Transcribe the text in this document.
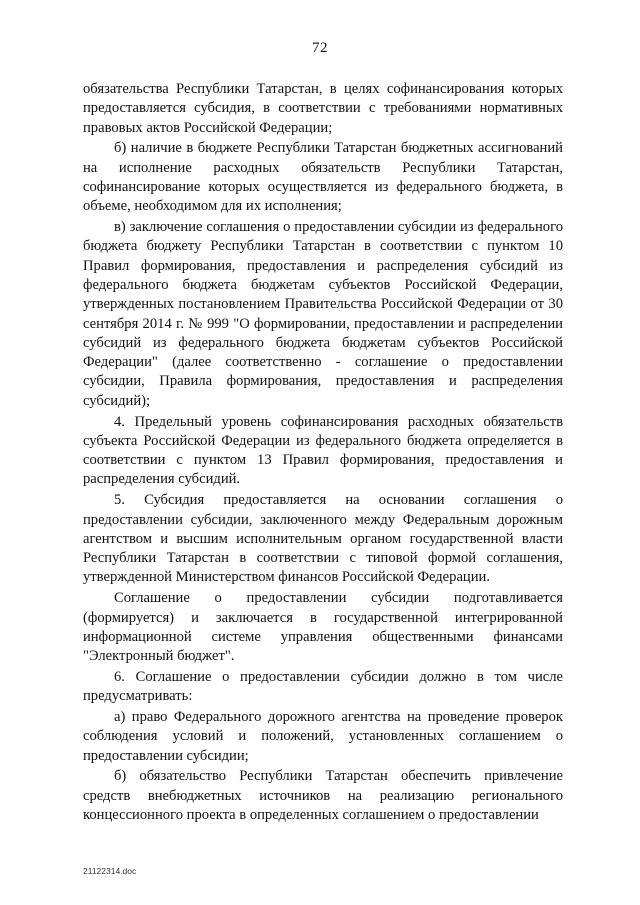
72

обязательства Республики Татарстан, в целях софинансирования которых предоставляется субсидия, в соответствии с требованиями нормативных правовых актов Российской Федерации;

б) наличие в бюджете Республики Татарстан бюджетных ассигнований на исполнение расходных обязательств Республики Татарстан, софинансирование которых осуществляется из федерального бюджета, в объеме, необходимом для их исполнения;

в) заключение соглашения о предоставлении субсидии из федерального бюджета бюджету Республики Татарстан в соответствии с пунктом 10 Правил формирования, предоставления и распределения субсидий из федерального бюджета бюджетам субъектов Российской Федерации, утвержденных постановлением Правительства Российской Федерации от 30 сентября 2014 г. № 999 "О формировании, предоставлении и распределении субсидий из федерального бюджета бюджетам субъектов Российской Федерации" (далее соответственно - соглашение о предоставлении субсидии, Правила формирования, предоставления и распределения субсидий);

4. Предельный уровень софинансирования расходных обязательств субъекта Российской Федерации из федерального бюджета определяется в соответствии с пунктом 13 Правил формирования, предоставления и распределения субсидий.

5. Субсидия предоставляется на основании соглашения о предоставлении субсидии, заключенного между Федеральным дорожным агентством и высшим исполнительным органом государственной власти Республики Татарстан в соответствии с типовой формой соглашения, утвержденной Министерством финансов Российской Федерации.

Соглашение о предоставлении субсидии подготавливается (формируется) и заключается в государственной интегрированной информационной системе управления общественными финансами "Электронный бюджет".

6. Соглашение о предоставлении субсидии должно в том числе предусматривать:

а) право Федерального дорожного агентства на проведение проверок соблюдения условий и положений, установленных соглашением о предоставлении субсидии;

б) обязательство Республики Татарстан обеспечить привлечение средств внебюджетных источников на реализацию регионального концессионного проекта в определенных соглашением о предоставлении

21122314.doc
